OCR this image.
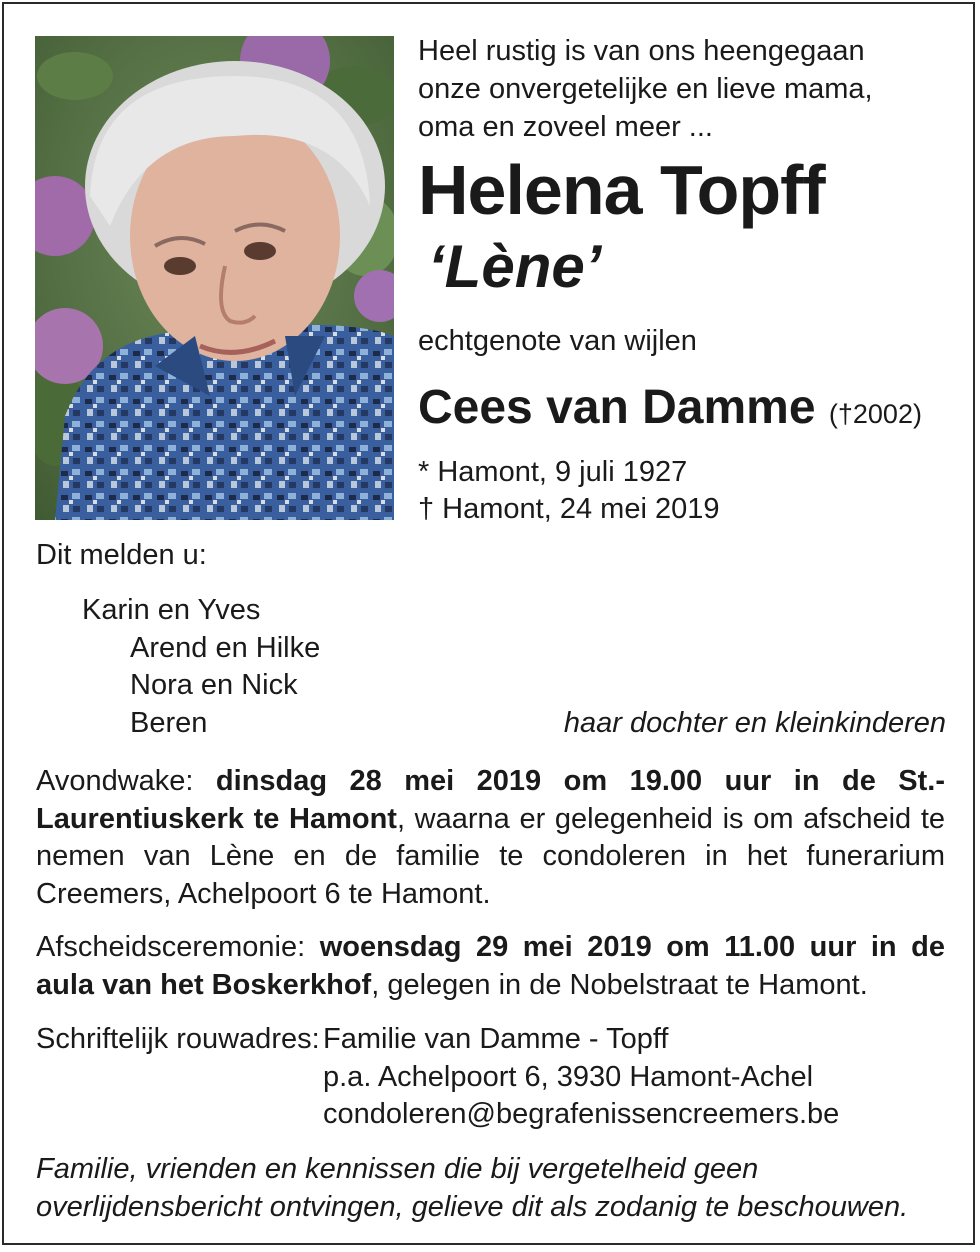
Heel rustig is van ons heengegaan
onze onvergetelijke en lieve mama,
oma en zoveel meer ...
Helena Topff
‘Lène’
echtgenote van wijlen
Cees van Damme (†2002)
* Hamont, 9 juli 1927
† Hamont, 24 mei 2019
Dit melden u:
Karin en Yves
Arend en Hilke
Nora en Nick
Beren	haar dochter en kleinkinderen
Avondwake: dinsdag 28 mei 2019 om 19.00 uur in de St.-Laurentiuskerk te Hamont, waarna er gelegenheid is om afscheid te nemen van Lène en de familie te condoleren in het funerarium Creemers, Achelpoort 6 te Hamont.
Afscheidsceremonie: woensdag 29 mei 2019 om 11.00 uur in de aula van het Boskerkhof, gelegen in de Nobelstraat te Hamont.
Schriftelijk rouwadres: Familie van Damme - Topff
p.a. Achelpoort 6, 3930 Hamont-Achel
condoleren@begrafenissencreemers.be
Familie, vrienden en kennissen die bij vergetelheid geen overlijdensbericht ontvingen, gelieve dit als zodanig te beschouwen.
